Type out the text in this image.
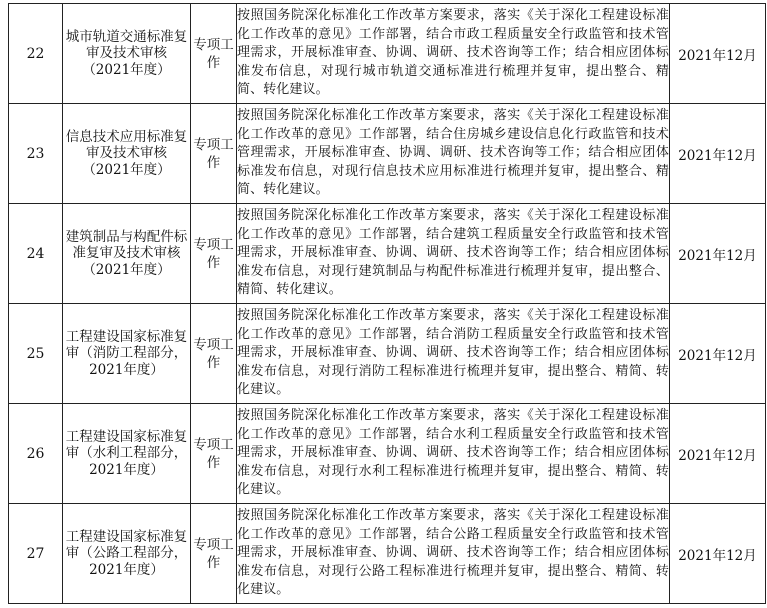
22	城市轨道交通标准复审及技术审核（2021年度）	专项工作	按照国务院深化标准化工作改革方案要求，落实《关于深化工程建设标准化工作改革的意见》工作部署，结合市政工程质量安全行政监管和技术管理需求，开展标准审查、协调、调研、技术咨询等工作；结合相应团体标准发布信息，对现行城市轨道交通标准进行梳理并复审，提出整合、精简、转化建议。	2021年12月
23	信息技术应用标准复审及技术审核（2021年度）	专项工作	按照国务院深化标准化工作改革方案要求，落实《关于深化工程建设标准化工作改革的意见》工作部署，结合住房城乡建设信息化行政监管和技术管理需求，开展标准审查、协调、调研、技术咨询等工作；结合相应团体标准发布信息，对现行信息技术应用标准进行梳理并复审，提出整合、精简、转化建议。	2021年12月
24	建筑制品与构配件标准复审及技术审核（2021年度）	专项工作	按照国务院深化标准化工作改革方案要求，落实《关于深化工程建设标准化工作改革的意见》工作部署，结合建筑工程质量安全行政监管和技术管理需求，开展标准审查、协调、调研、技术咨询等工作；结合相应团体标准发布信息，对现行建筑制品与构配件标准进行梳理并复审，提出整合、精简、转化建议。	2021年12月
25	工程建设国家标准复审（消防工程部分，2021年度）	专项工作	按照国务院深化标准化工作改革方案要求，落实《关于深化工程建设标准化工作改革的意见》工作部署，结合消防工程质量安全行政监管和技术管理需求，开展标准审查、协调、调研、技术咨询等工作；结合相应团体标准发布信息，对现行消防工程标准进行梳理并复审，提出整合、精简、转化建议。	2021年12月
26	工程建设国家标准复审（水利工程部分，2021年度）	专项工作	按照国务院深化标准化工作改革方案要求，落实《关于深化工程建设标准化工作改革的意见》工作部署，结合水利工程质量安全行政监管和技术管理需求，开展标准审查、协调、调研、技术咨询等工作；结合相应团体标准发布信息，对现行水利工程标准进行梳理并复审，提出整合、精简、转化建议。	2021年12月
27	工程建设国家标准复审（公路工程部分，2021年度）	专项工作	按照国务院深化标准化工作改革方案要求，落实《关于深化工程建设标准化工作改革的意见》工作部署，结合公路工程质量安全行政监管和技术管理需求，开展标准审查、协调、调研、技术咨询等工作；结合相应团体标准发布信息，对现行公路工程标准进行梳理并复审，提出整合、精简、转化建议。	2021年12月
